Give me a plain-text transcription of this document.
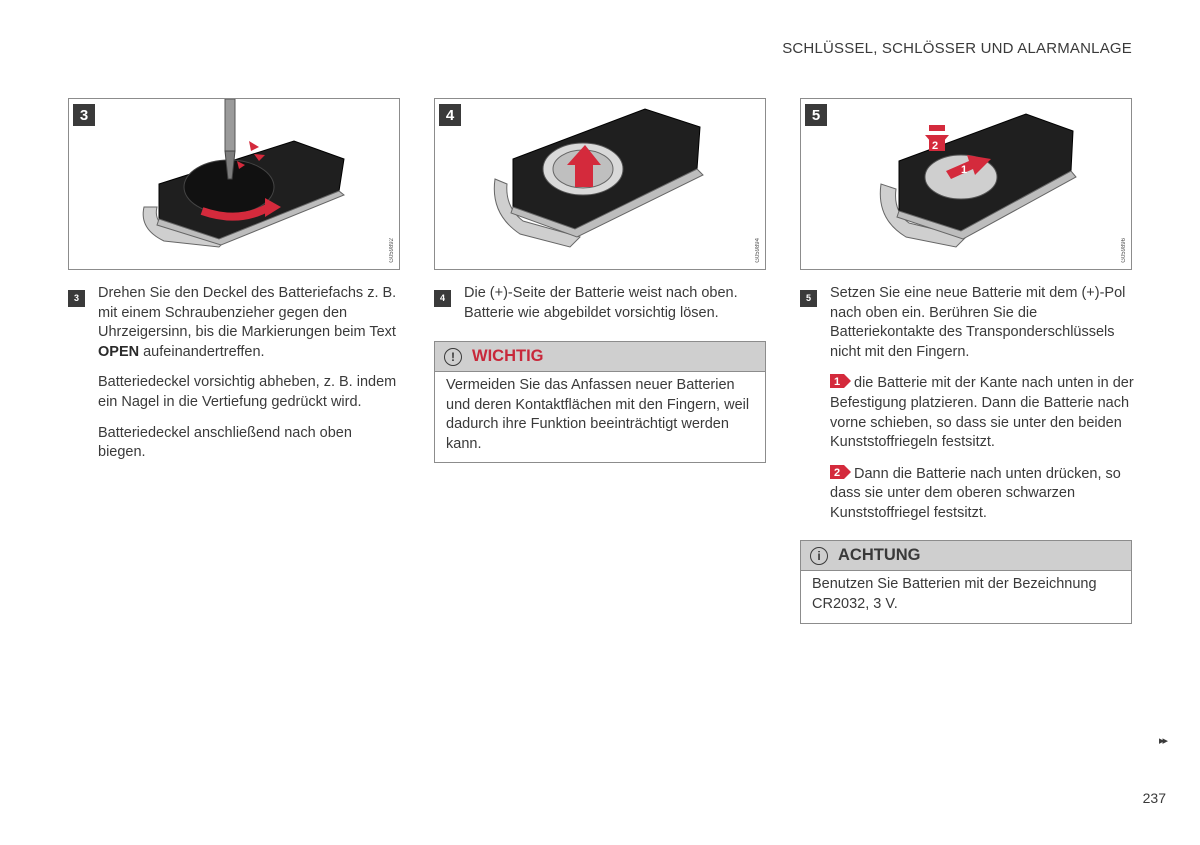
SCHLÜSSEL, SCHLÖSSER UND ALARMANLAGE
3
G059892
4
G059894
5
G059896
2
1
3	Drehen Sie den Deckel des Batteriefachs z. B. mit einem Schraubenzieher gegen den Uhrzeigersinn, bis die Markierungen beim Text OPEN aufeinandertreffen.

Batteriedeckel vorsichtig abheben, z. B. indem ein Nagel in die Vertiefung gedrückt wird.

Batteriedeckel anschließend nach oben biegen.

4	Die (+)-Seite der Batterie weist nach oben. Batterie wie abgebildet vorsichtig lösen.
!	WICHTIG
Vermeiden Sie das Anfassen neuer Batterien und deren Kontaktflächen mit den Fingern, weil dadurch ihre Funktion beeinträchtigt werden kann.
5	Setzen Sie eine neue Batterie mit dem (+)-Pol nach oben ein. Berühren Sie die Batteriekontakte des Transponderschlüssels nicht mit den Fingern.

1 die Batterie mit der Kante nach unten in der Befestigung platzieren. Dann die Batterie nach vorne schieben, so dass sie unter den beiden Kunststoffriegeln festsitzt.

2 Dann die Batterie nach unten drücken, so dass sie unter dem oberen schwarzen Kunststoffriegel festsitzt.

i	ACHTUNG
Benutzen Sie Batterien mit der Bezeichnung CR2032, 3 V.
▸▸
237
